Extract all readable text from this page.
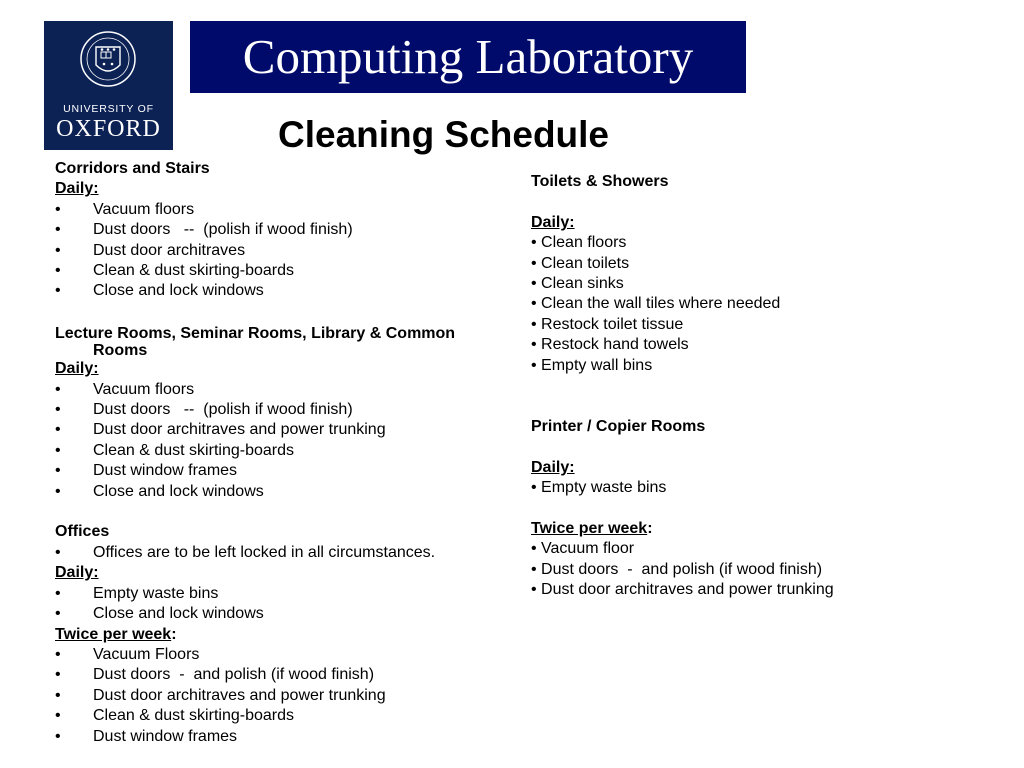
UNIVERSITY OF
OXFORD
Computing Laboratory
Cleaning Schedule
Corridors and Stairs
Daily:
• Vacuum floors
• Dust doors   --  (polish if wood finish)
• Dust door architraves
• Clean & dust skirting-boards
• Close and lock windows

Lecture Rooms, Seminar Rooms, Library & Common Rooms

Daily:
• Vacuum floors
• Dust doors   --  (polish if wood finish)
• Dust door architraves and power trunking
• Clean & dust skirting-boards
• Dust window frames
• Close and lock windows
Offices
• Offices are to be left locked in all circumstances.
Daily:
• Empty waste bins
• Close and lock windows
Twice per week:
• Vacuum Floors
• Dust doors  -  and polish (if wood finish)
• Dust door architraves and power trunking
• Clean & dust skirting-boards
• Dust window frames
Toilets & Showers
Daily:
• Clean floors
• Clean toilets
• Clean sinks
• Clean the wall tiles where needed
• Restock toilet tissue
• Restock hand towels
• Empty wall bins
Printer / Copier Rooms
Daily:
• Empty waste bins
Twice per week:
• Vacuum floor
• Dust doors  -  and polish (if wood finish)
• Dust door architraves and power trunking
